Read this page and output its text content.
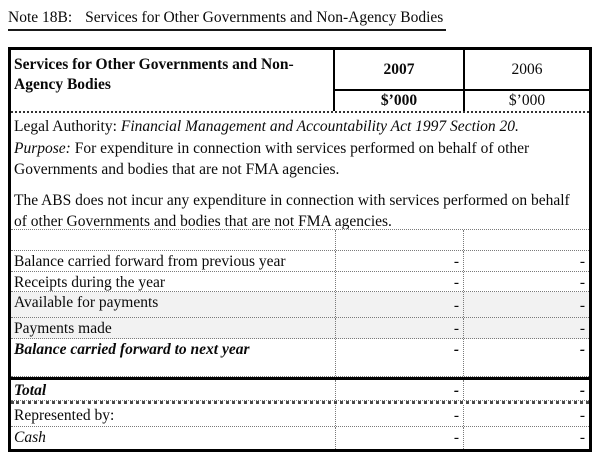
Note 18B: Services for Other Governments and Non-Agency Bodies
Services for Other Governments and Non-Agency Bodies
2007	2006
$’000	$’000

Legal Authority: Financial Management and Accountability Act 1997 Section 20.

Purpose: For expenditure in connection with services performed on behalf of other Governments and bodies that are not FMA agencies.

The ABS does not incur any expenditure in connection with services performed on behalf of other Governments and bodies that are not FMA agencies.

Balance carried forward from previous year	-	-
Receipts during the year	-	-
Available for payments	-	-
Payments made	-	-
Balance carried forward to next year	-	-
Total	-	-
Represented by:	-	-
Cash	-	-
